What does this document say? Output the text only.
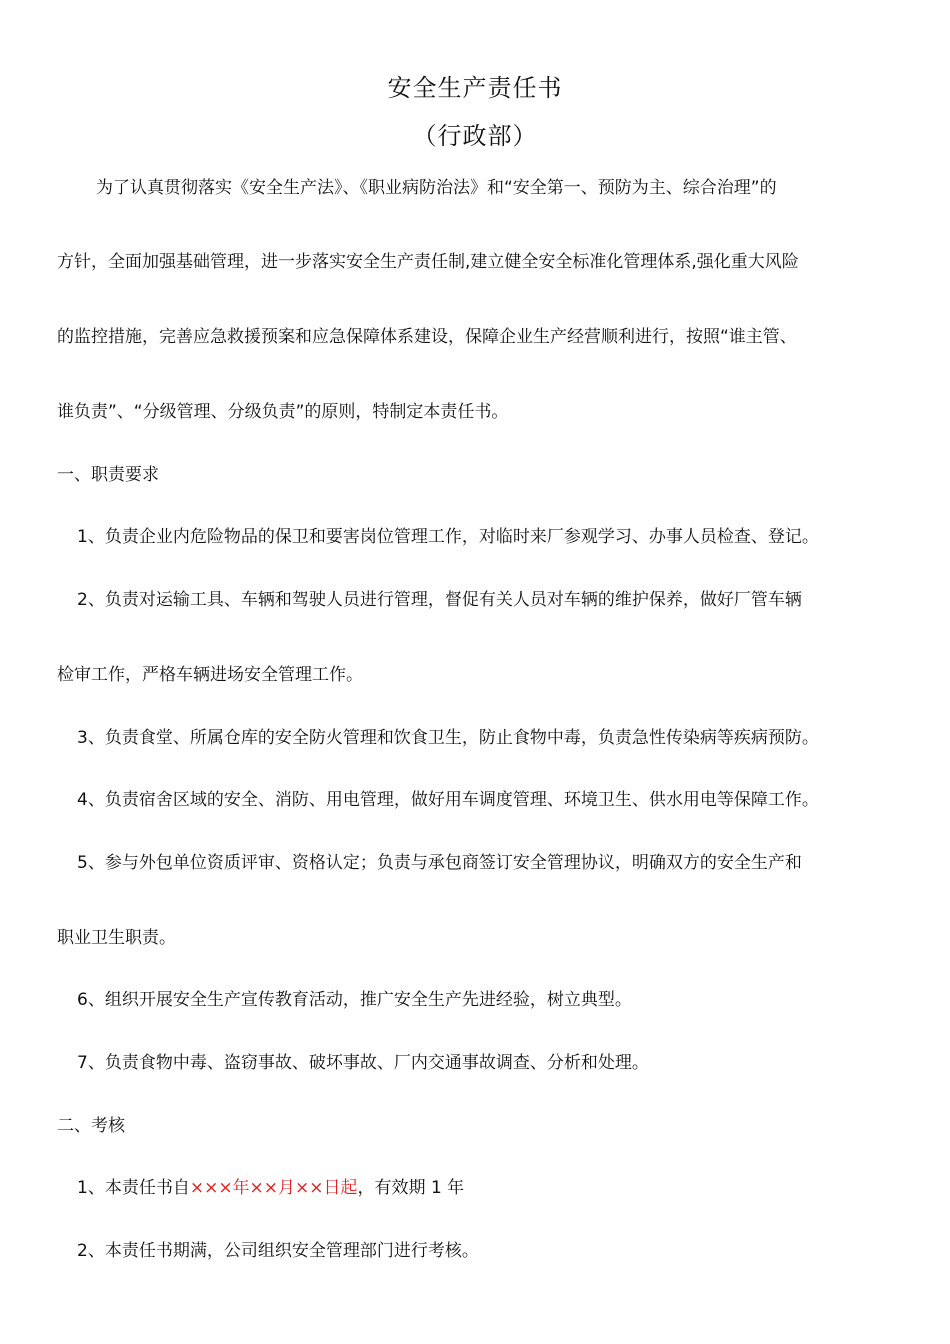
安全生产责任书
（行政部）
为了认真贯彻落实《安全生产法》、《职业病防治法》和“安全第一、预防为主、综合治理”的
方针，全面加强基础管理，进一步落实安全生产责任制,建立健全安全标准化管理体系,强化重大风险
的监控措施，完善应急救援预案和应急保障体系建设，保障企业生产经营顺利进行，按照“谁主管、
谁负责”、“分级管理、分级负责”的原则，特制定本责任书。
一、职责要求
1、负责企业内危险物品的保卫和要害岗位管理工作，对临时来厂参观学习、办事人员检查、登记。
2、负责对运输工具、车辆和驾驶人员进行管理，督促有关人员对车辆的维护保养，做好厂管车辆
检审工作，严格车辆进场安全管理工作。
3、负责食堂、所属仓库的安全防火管理和饮食卫生，防止食物中毒，负责急性传染病等疾病预防。
4、负责宿舍区域的安全、消防、用电管理，做好用车调度管理、环境卫生、供水用电等保障工作。
5、参与外包单位资质评审、资格认定；负责与承包商签订安全管理协议，明确双方的安全生产和
职业卫生职责。
6、组织开展安全生产宣传教育活动，推广安全生产先进经验，树立典型。
7、负责食物中毒、盗窃事故、破坏事故、厂内交通事故调查、分析和处理。
二、考核
1、本责任书自×××年××月××日起，有效期 1 年
2、本责任书期满，公司组织安全管理部门进行考核。
